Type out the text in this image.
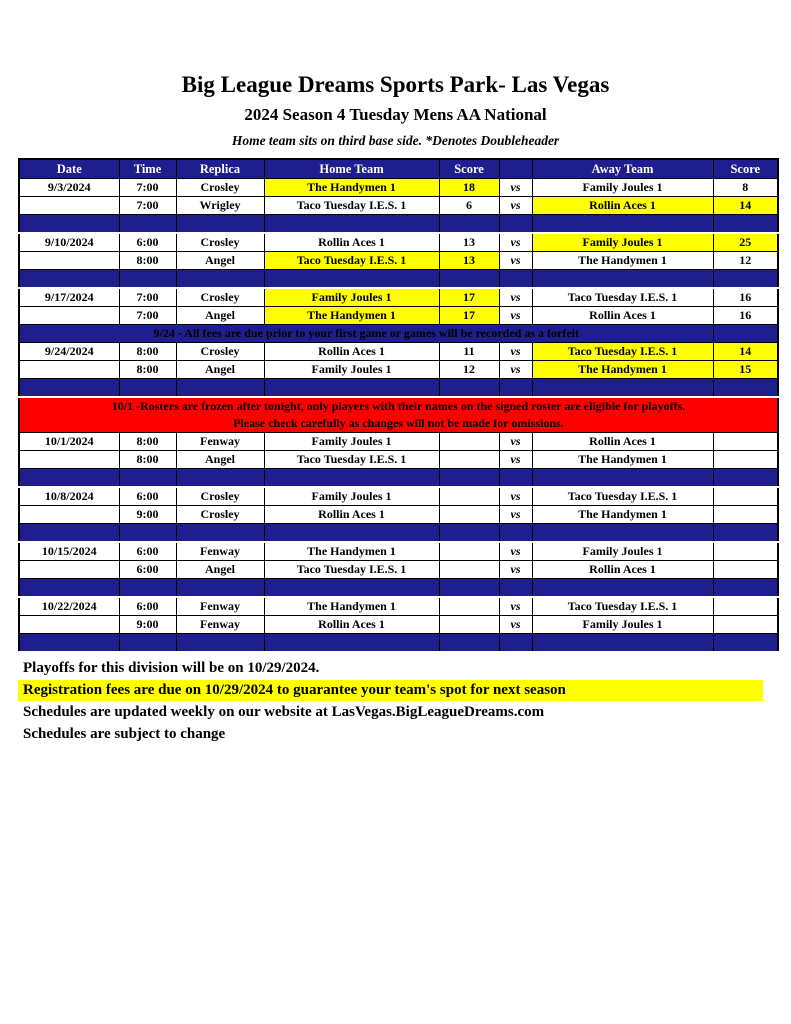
Big League Dreams Sports Park- Las Vegas
2024 Season 4 Tuesday Mens AA National
Home team sits on third base side. *Denotes Doubleheader
Date	Time	Replica	Home Team	Score		Away Team	Score
9/3/2024	7:00	Crosley	The Handymen 1	18	vs	Family Joules 1	8
	7:00	Wrigley	Taco Tuesday I.E.S. 1	6	vs	Rollin Aces 1	14

9/10/2024	6:00	Crosley	Rollin Aces 1	13	vs	Family Joules 1	25
	8:00	Angel	Taco Tuesday I.E.S. 1	13	vs	The Handymen 1	12

9/17/2024	7:00	Crosley	Family Joules 1	17	vs	Taco Tuesday I.E.S. 1	16
	7:00	Angel	The Handymen 1	17	vs	Rollin Aces 1	16
9/24 - All fees are due prior to your first game or games will be recorded as a forfeit							
9/24/2024	8:00	Crosley	Rollin Aces 1	11	vs	Taco Tuesday I.E.S. 1	14
	8:00	Angel	Family Joules 1	12	vs	The Handymen 1	15

10/1 -Rosters are frozen after tonight, only players with their names on the signed roster are eligible for playoffs.
Please check carefully as changes will not be made for omissions.							

10/1/2024	8:00	Fenway	Family Joules 1		vs	Rollin Aces 1	
	8:00	Angel	Taco Tuesday I.E.S. 1		vs	The Handymen 1	

10/8/2024	6:00	Crosley	Family Joules 1		vs	Taco Tuesday I.E.S. 1	
	9:00	Crosley	Rollin Aces 1		vs	The Handymen 1	

10/15/2024	6:00	Fenway	The Handymen 1		vs	Family Joules 1	
	6:00	Angel	Taco Tuesday I.E.S. 1		vs	Rollin Aces 1	

10/22/2024	6:00	Fenway	The Handymen 1		vs	Taco Tuesday I.E.S. 1	
	9:00	Fenway	Rollin Aces 1		vs	Family Joules 1	

Playoffs for this division will be on 10/29/2024.
Registration fees are due on 10/29/2024 to guarantee your team's spot for next season
Schedules are updated weekly on our website at LasVegas.BigLeagueDreams.com
Schedules are subject to change
